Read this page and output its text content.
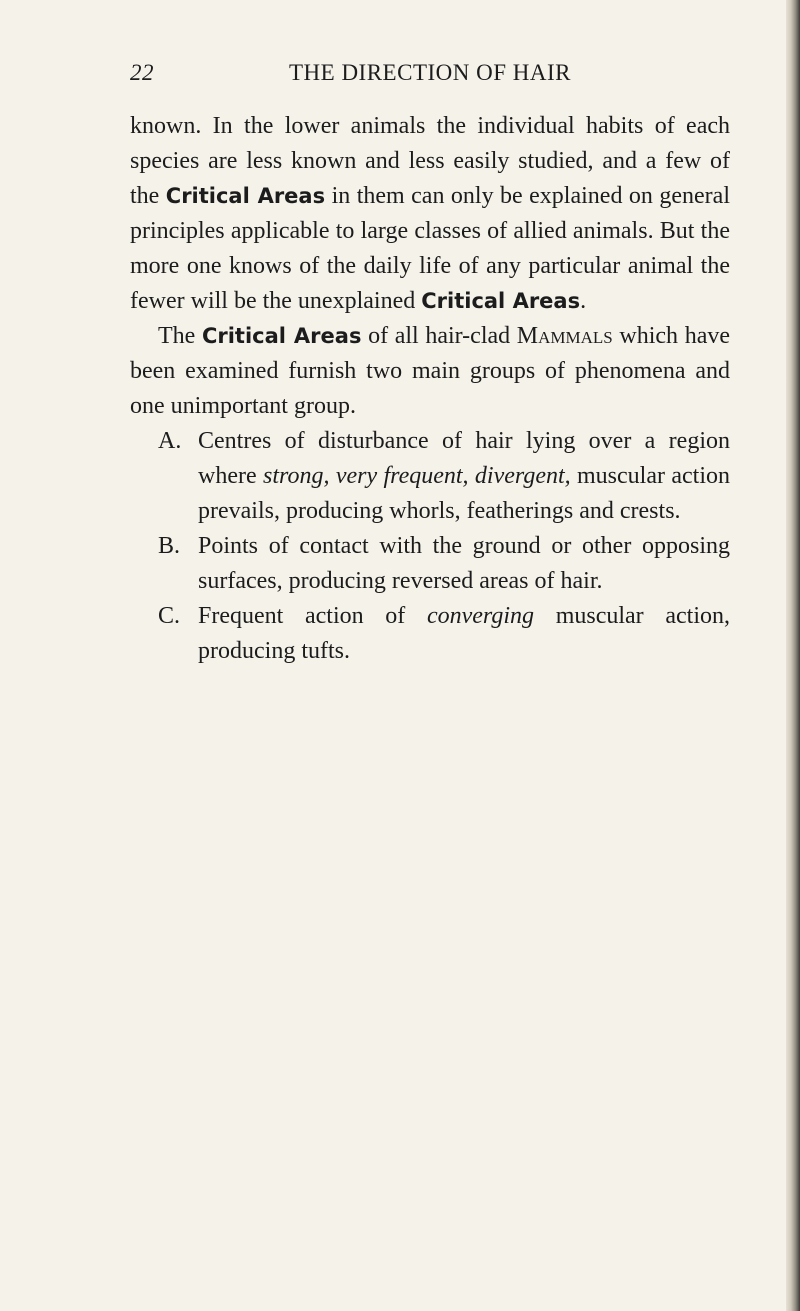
22	THE DIRECTION OF HAIR

known. In the lower animals the individual habits of each species are less known and less easily studied, and a few of the Critical Areas in them can only be explained on general principles applicable to large classes of allied animals. But the more one knows of the daily life of any particular animal the fewer will be the unexplained Critical Areas.

The Critical Areas of all hair-clad Mammals which have been examined furnish two main groups of phenomena and one unimportant group.

A. Centres of disturbance of hair lying over a region where strong, very frequent, divergent, muscular action prevails, producing whorls, featherings and crests.

B. Points of contact with the ground or other opposing surfaces, producing reversed areas of hair.

C. Frequent action of converging muscular action, producing tufts.
